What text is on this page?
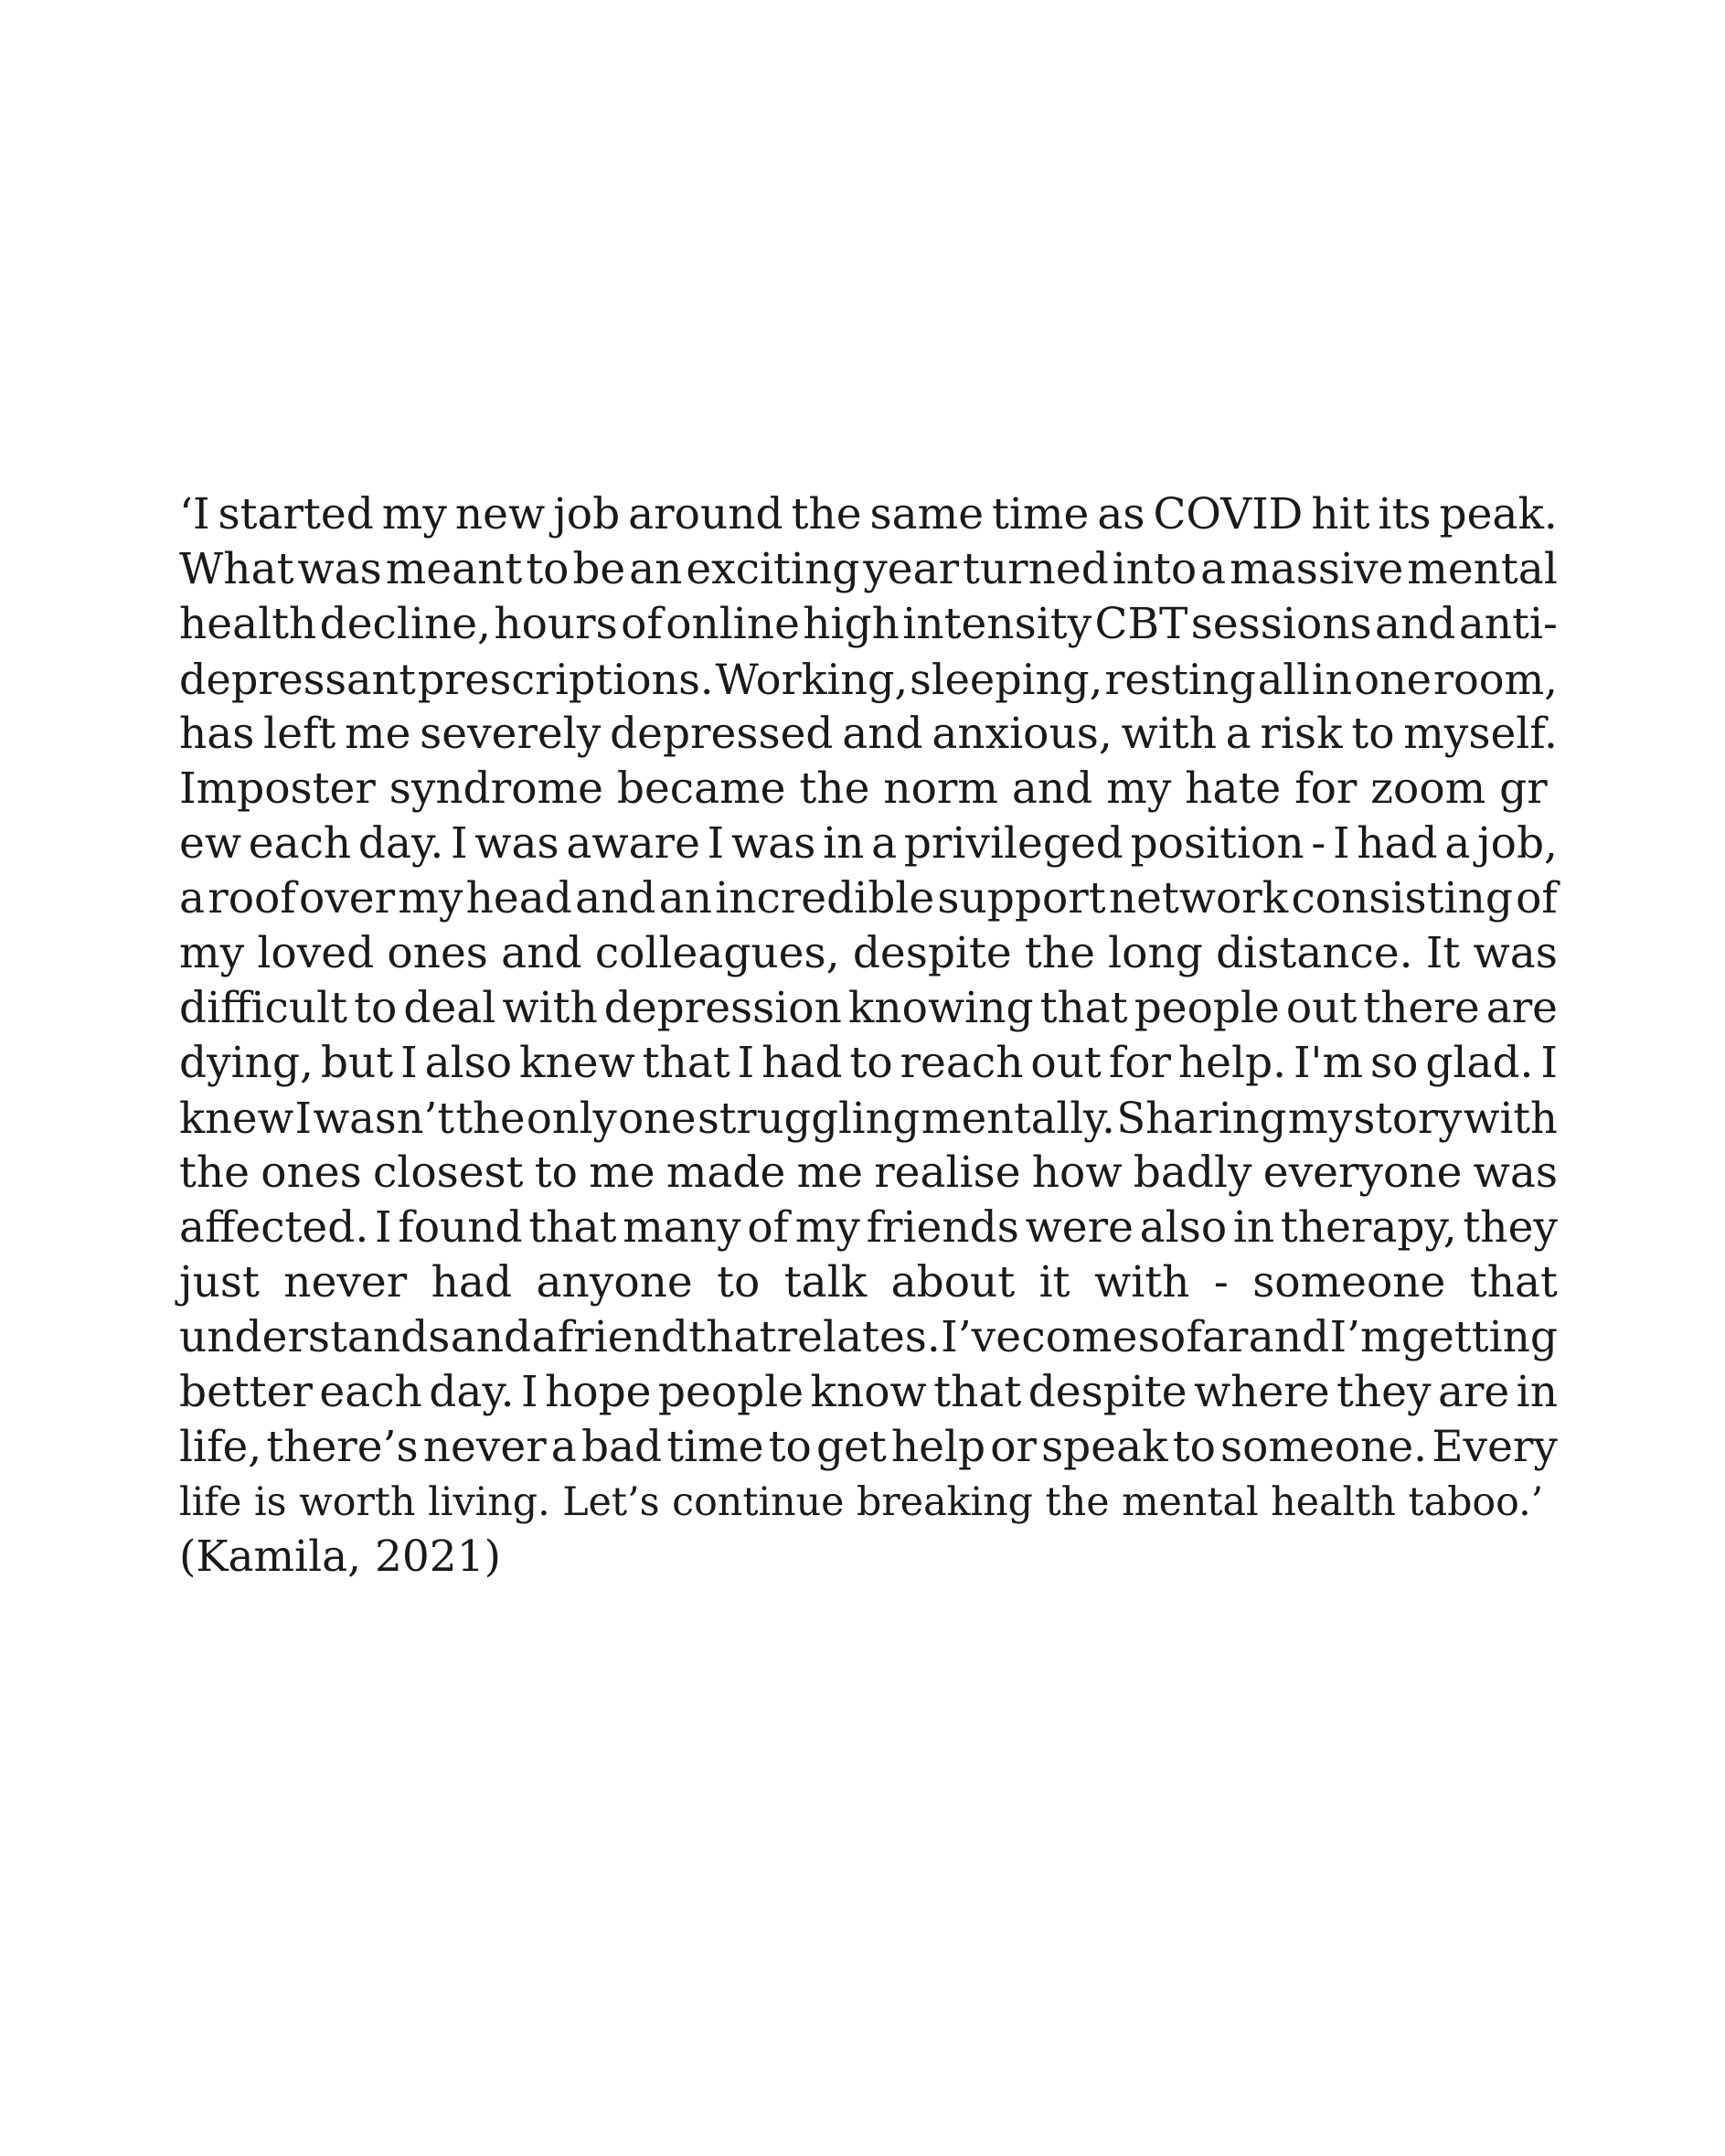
‘I started my new job around the same time as COVID hit its peak.
What was meant to be an exciting year turned into a massive mental
health decline, hours of online high intensity CBT sessions and anti-
depressant prescriptions. Working, sleeping, resting all in one room,
has left me severely depressed and anxious, with a risk to myself.
Imposter syndrome became the norm and my hate for zoom gr
ew each day. I was aware I was in a privileged position - I had a job,
a roof over my head and an incredible support network consisting of
my loved ones and colleagues, despite the long distance. It was
difficult to deal with depression knowing that people out there are
dying, but I also knew that I had to reach out for help. I'm so glad. I
knew I wasn’t the only one struggling mentally. Sharing my story with
the ones closest to me made me realise how badly everyone was
affected. I found that many of my friends were also in therapy, they
just never had anyone to talk about it with - someone that
understands and a friend that relates. I’ve come so far and I’m getting
better each day. I hope people know that despite where they are in
life, there’s never a bad time to get help or speak to someone. Every
life is worth living. Let’s continue breaking the mental health taboo.’
(Kamila, 2021)
